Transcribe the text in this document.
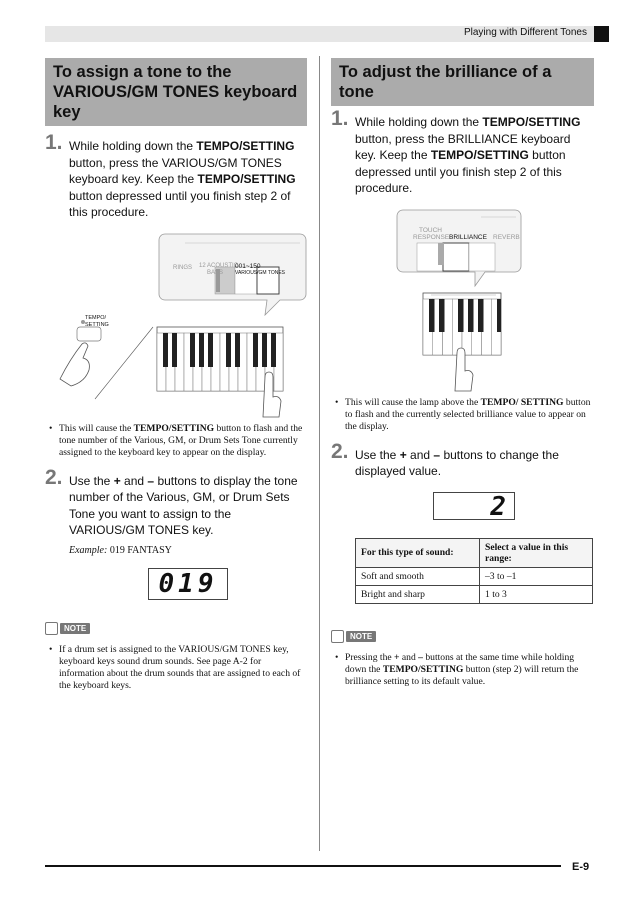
Playing with Different Tones
To assign a tone to the VARIOUS/GM TONES keyboard key
1. While holding down the TEMPO/SETTING button, press the VARIOUS/GM TONES keyboard key. Keep the TEMPO/SETTING button depressed until you finish step 2 of this procedure.
RINGS 12 ACOUSTIC
BASS
001~150
VARIOUS/GM TONES
TEMPO/
SETTING
• This will cause the TEMPO/SETTING button to flash and the tone number of the Various, GM, or Drum Sets Tone currently assigned to the keyboard key to appear on the display.
2. Use the + and – buttons to display the tone number of the Various, GM, or Drum Sets Tone you want to assign to the VARIOUS/GM TONES key.
Example: 019 FANTASY
019
NOTE
• If a drum set is assigned to the VARIOUS/GM TONES key, keyboard keys sound drum sounds. See page A-2 for information about the drum sounds that are assigned to each of the keyboard keys.
To adjust the brilliance of a tone
1. While holding down the TEMPO/SETTING button, press the BRILLIANCE keyboard key. Keep the TEMPO/SETTING button depressed until you finish step 2 of this procedure.
TOUCH
RESPONSE BRILLIANCE REVERB
• This will cause the lamp above the TEMPO/ SETTING button to flash and the currently selected brilliance value to appear on the display.
2. Use the + and – buttons to change the displayed value.
2
For this type of sound:	Select a value in this range:
Soft and smooth	–3 to –1
Bright and sharp	1 to 3
NOTE
• Pressing the + and – buttons at the same time while holding down the TEMPO/SETTING button (step 2) will return the brilliance setting to its default value.
E-9
